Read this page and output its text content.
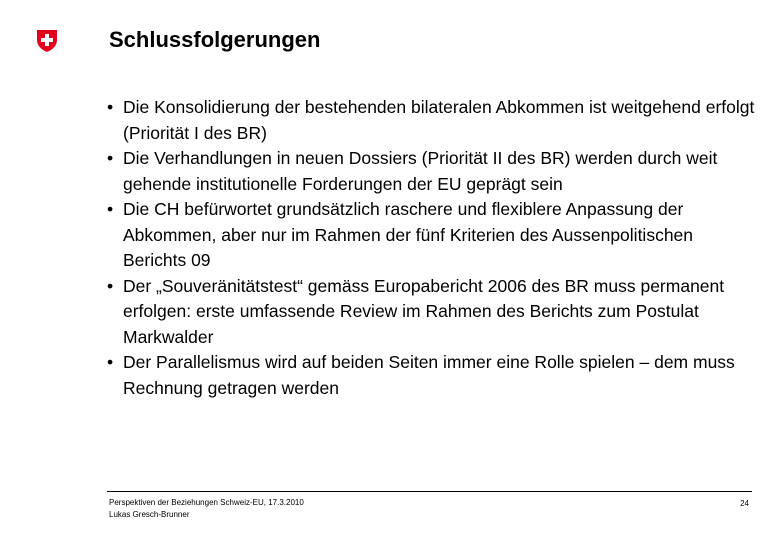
Schlussfolgerungen
• Die Konsolidierung der bestehenden bilateralen Abkommen ist weitgehend erfolgt (Priorität I des BR)
• Die Verhandlungen in neuen Dossiers (Priorität II des BR) werden durch weit gehende institutionelle Forderungen der EU geprägt sein
• Die CH befürwortet grundsätzlich raschere und flexiblere Anpassung der Abkommen, aber nur im Rahmen der fünf Kriterien des Aussenpolitischen Berichts 09
• Der „Souveränitätstest“ gemäss Europabericht 2006 des BR muss permanent erfolgen: erste umfassende Review im Rahmen des Berichts zum Postulat Markwalder
• Der Parallelismus wird auf beiden Seiten immer eine Rolle spielen – dem muss Rechnung getragen werden
Perspektiven der Beziehungen Schweiz-EU, 17.3.2010
Lukas Gresch-Brunner
24
